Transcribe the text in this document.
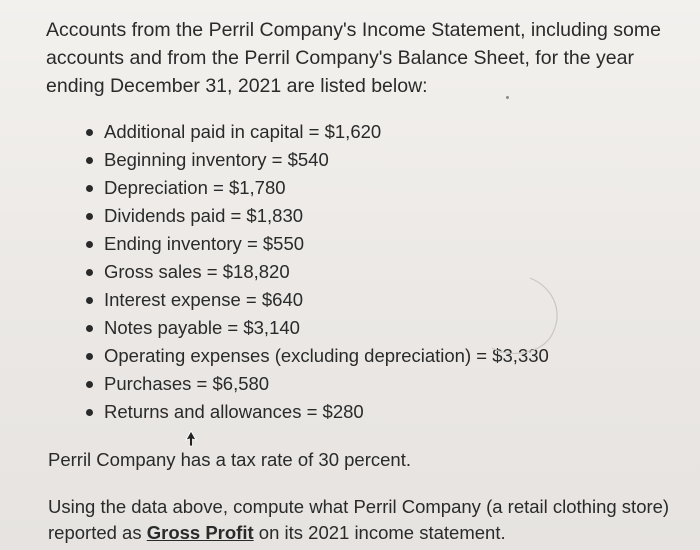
Accounts from the Perril Company's Income Statement, including some accounts and from the Perril Company's Balance Sheet, for the year ending December 31, 2021 are listed below:

Additional paid in capital = $1,620
Beginning inventory = $540
Depreciation = $1,780
Dividends paid = $1,830
Ending inventory = $550
Gross sales = $18,820
Interest expense = $640
Notes payable = $3,140
Operating expenses (excluding depreciation) = $3,330
Purchases = $6,580
Returns and allowances = $280

Perril Company has a tax rate of 30 percent.

Using the data above, compute what Perril Company (a retail clothing store) reported as Gross Profit on its 2021 income statement.
